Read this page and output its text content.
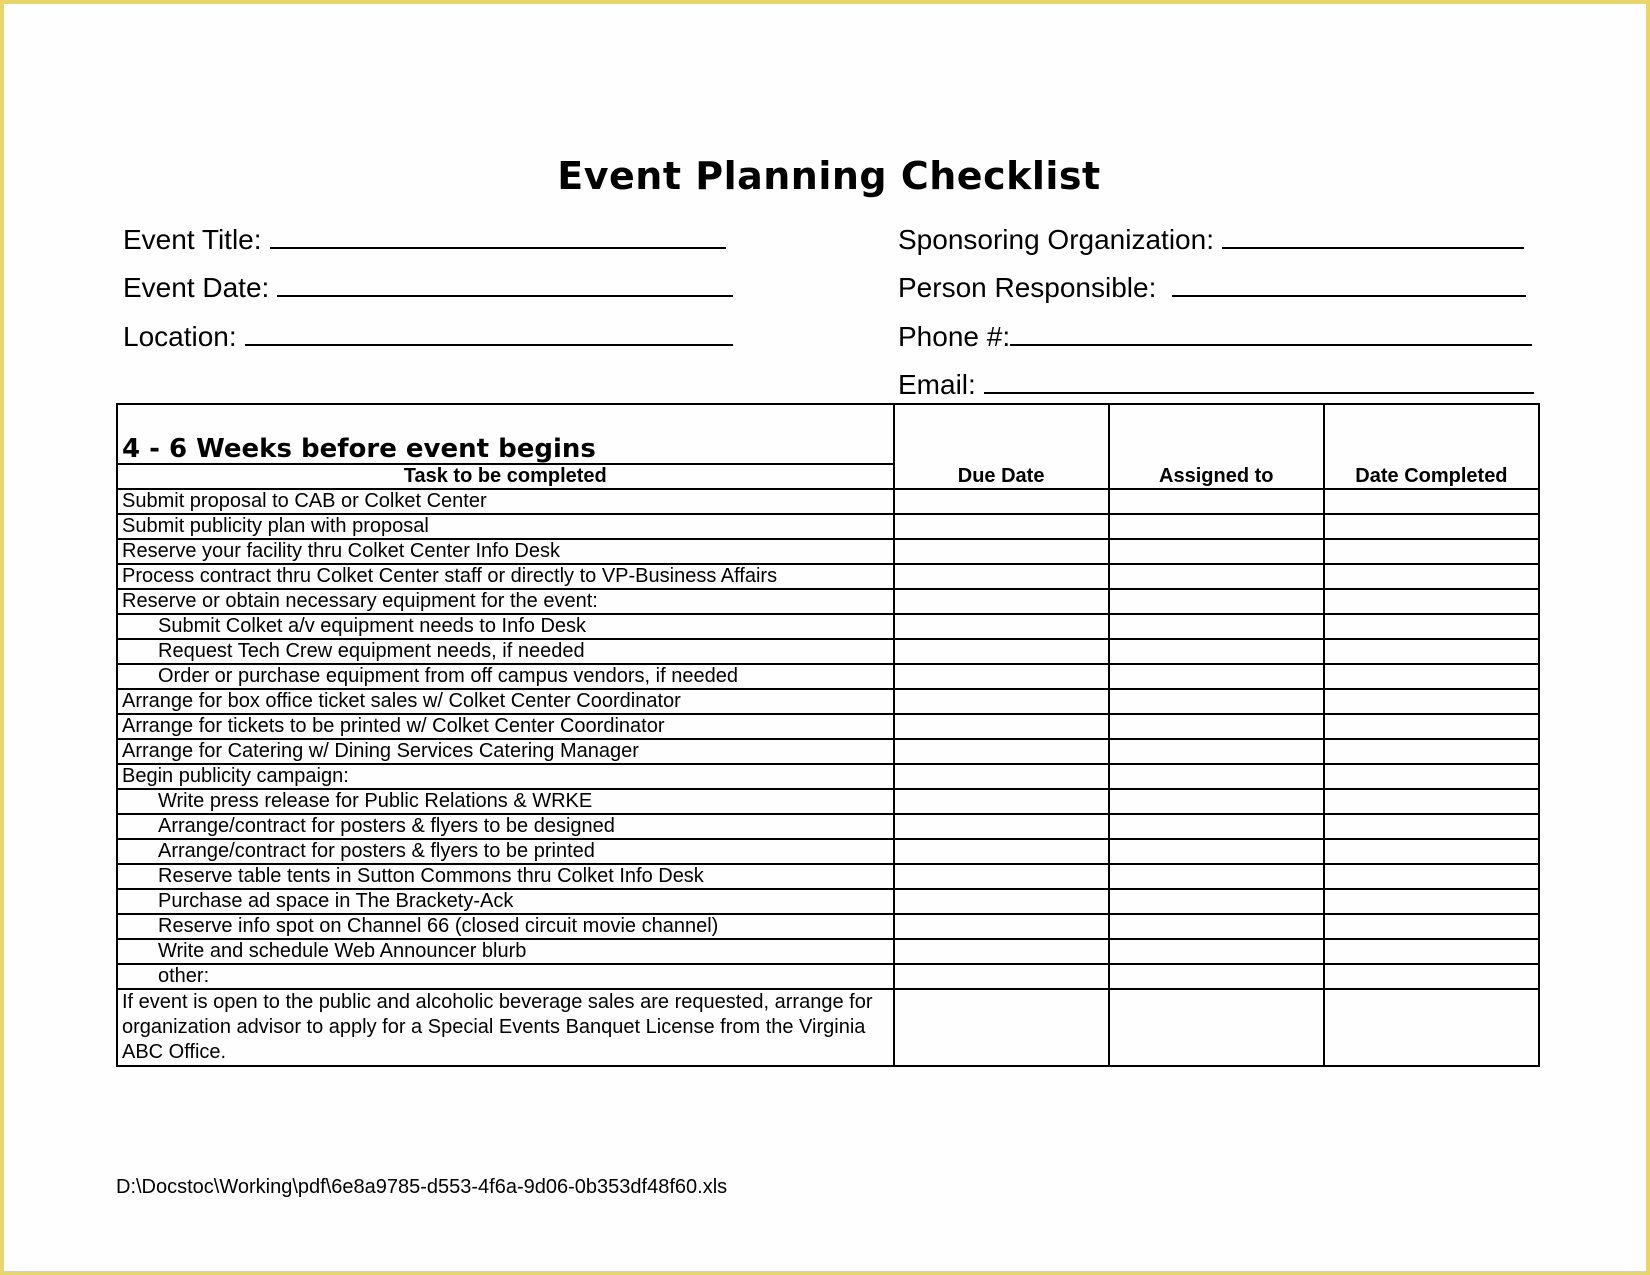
Event Planning Checklist
Event Title:
Event Date:
Location:
Sponsoring Organization:
Person Responsible:
Phone #:
Email:
4 - 6 Weeks before event begins			
Task to be completed	Due Date	Assigned to	Date Completed
Submit proposal to CAB or Colket Center			
Submit publicity plan with proposal			
Reserve your facility thru Colket Center Info Desk			
Process contract thru Colket Center staff or directly to VP-Business Affairs			
Reserve or obtain necessary equipment for the event:			
Submit Colket a/v equipment needs to Info Desk			
Request Tech Crew equipment needs, if needed			
Order or purchase equipment from off campus vendors, if needed			
Arrange for box office ticket sales w/ Colket Center Coordinator			
Arrange for tickets to be printed w/ Colket Center Coordinator			
Arrange for Catering w/ Dining Services Catering Manager			
Begin publicity campaign:			
Write press release for Public Relations & WRKE			
Arrange/contract for posters & flyers to be designed			
Arrange/contract for posters & flyers to be printed			
Reserve table tents in Sutton Commons thru Colket Info Desk			
Purchase ad space in The Brackety-Ack			
Reserve info spot on Channel 66 (closed circuit movie channel)			
Write and schedule Web Announcer blurb			
other:			
If event is open to the public and alcoholic beverage sales are requested, arrange for organization advisor to apply for a Special Events Banquet License from the Virginia ABC Office.			
D:\Docstoc\Working\pdf\6e8a9785-d553-4f6a-9d06-0b353df48f60.xls
